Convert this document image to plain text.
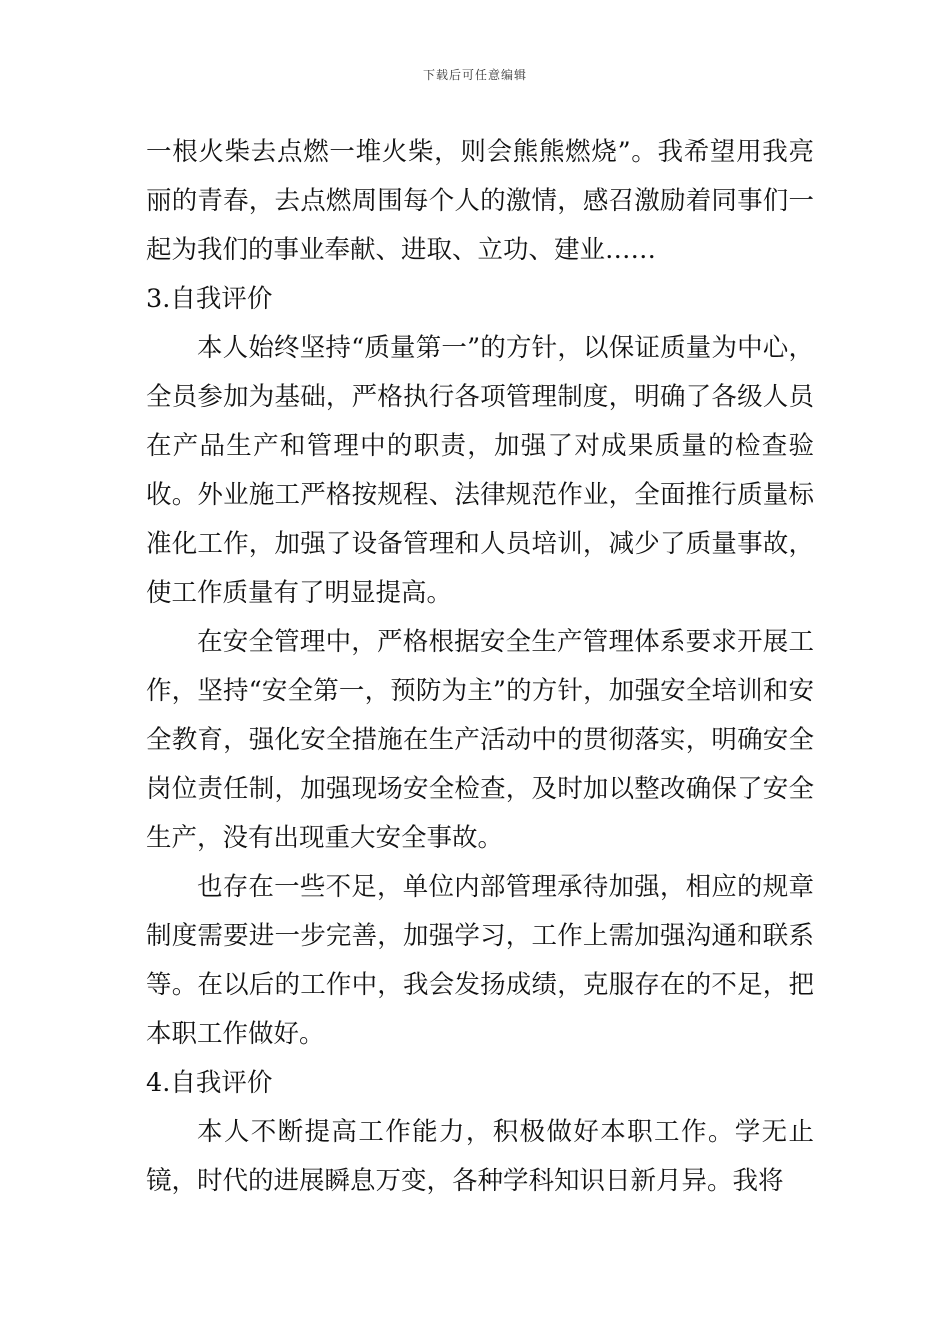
下载后可任意编辑

一根火柴去点燃一堆火柴，则会熊熊燃烧”。我希望用我亮丽的青春，去点燃周围每个人的激情，感召激励着同事们一起为我们的事业奉献、进取、立功、建业……

3.自我评价

本人始终坚持“质量第一”的方针，以保证质量为中心，全员参加为基础，严格执行各项管理制度，明确了各级人员在产品生产和管理中的职责，加强了对成果质量的检查验收。外业施工严格按规程、法律规范作业，全面推行质量标准化工作，加强了设备管理和人员培训，减少了质量事故，使工作质量有了明显提高。

在安全管理中，严格根据安全生产管理体系要求开展工作，坚持“安全第一，预防为主”的方针，加强安全培训和安全教育，强化安全措施在生产活动中的贯彻落实，明确安全岗位责任制，加强现场安全检查，及时加以整改确保了安全生产，没有出现重大安全事故。

也存在一些不足，单位内部管理承待加强，相应的规章制度需要进一步完善，加强学习，工作上需加强沟通和联系等。在以后的工作中，我会发扬成绩，克服存在的不足，把本职工作做好。

4.自我评价

本人不断提高工作能力，积极做好本职工作。学无止镜，时代的进展瞬息万变，各种学科知识日新月异。我将
